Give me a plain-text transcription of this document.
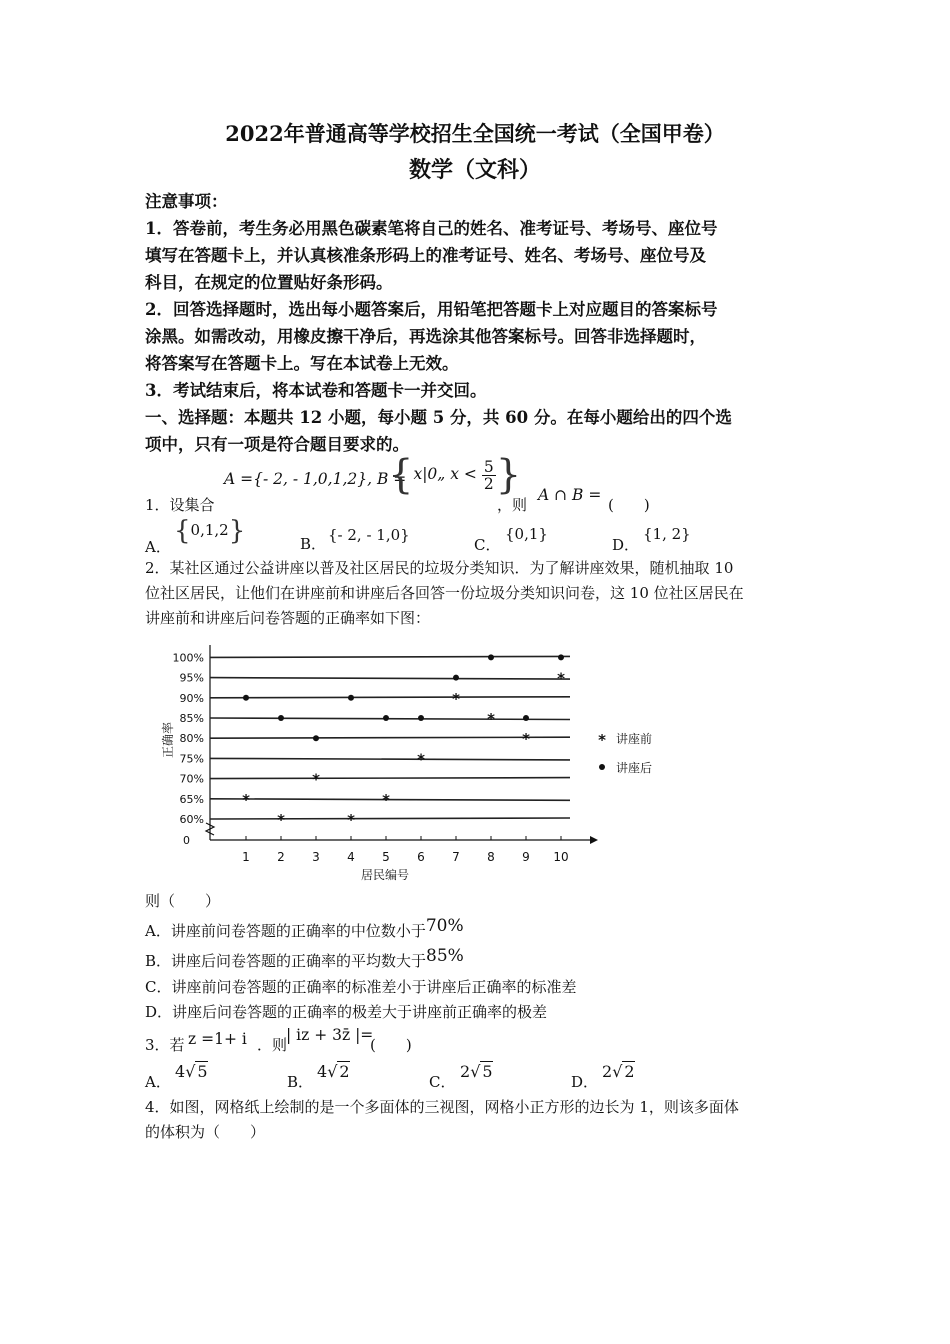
2022年普通高等学校招生全国统一考试（全国甲卷）
数学（文科）
注意事项：
1．答卷前，考生务必用黑色碳素笔将自己的姓名、准考证号、考场号、座位号
填写在答题卡上，并认真核准条形码上的准考证号、姓名、考场号、座位号及
科目，在规定的位置贴好条形码。
2．回答选择题时，选出每小题答案后，用铅笔把答题卡上对应题目的答案标号
涂黑。如需改动，用橡皮擦干净后，再选涂其他答案标号。回答非选择题时，
将答案写在答题卡上。写在本试卷上无效。
3．考试结束后，将本试卷和答题卡一并交回。
一、选择题：本题共 12 小题，每小题 5 分，共 60 分。在每小题给出的四个选
项中，只有一项是符合题目要求的。
A ={- 2, - 1,0,1,2}, B =
{x|0„ $x < \frac{5}{2}$ }
1．设集合	，则
A ∩ B =
(　　)
A．
{0,1,2}	B． {- 2, - 1,0}
C．
{0,1}
D．
{1, 2}
2．某社区通过公益讲座以普及社区居民的垃圾分类知识．为了解讲座效果，随机抽取 10
位社区居民，让他们在讲座前和讲座后各回答一份垃圾分类知识问卷，这 10 位社区居民在
讲座前和讲座后问卷答题的正确率如下图：
60%
65%
70%
75%
80%
85%
90%
95%
100%
0
1 2 3 4 5 6 7 8 9 10
居民编号
正确率
*
*
*
*
*
*
*
*
*
*
* 讲座前
讲座后
则（　　）
A．讲座前问卷答题的正确率的中位数小于70%
B．讲座后问卷答题的正确率的平均数大于85%
C．讲座前问卷答题的正确率的标准差小于讲座后正确率的标准差
D．讲座后问卷答题的正确率的极差大于讲座前正确率的极差
3．若 z =1+ i ．则
| iz + 3z̄ |=
(　　)
A．
4√ 5
B．
4√ 2
C．
2√ 5
D．
2√ 2
4．如图，网格纸上绘制的是一个多面体的三视图，网格小正方形的边长为 1，则该多面体
的体积为（　　）
